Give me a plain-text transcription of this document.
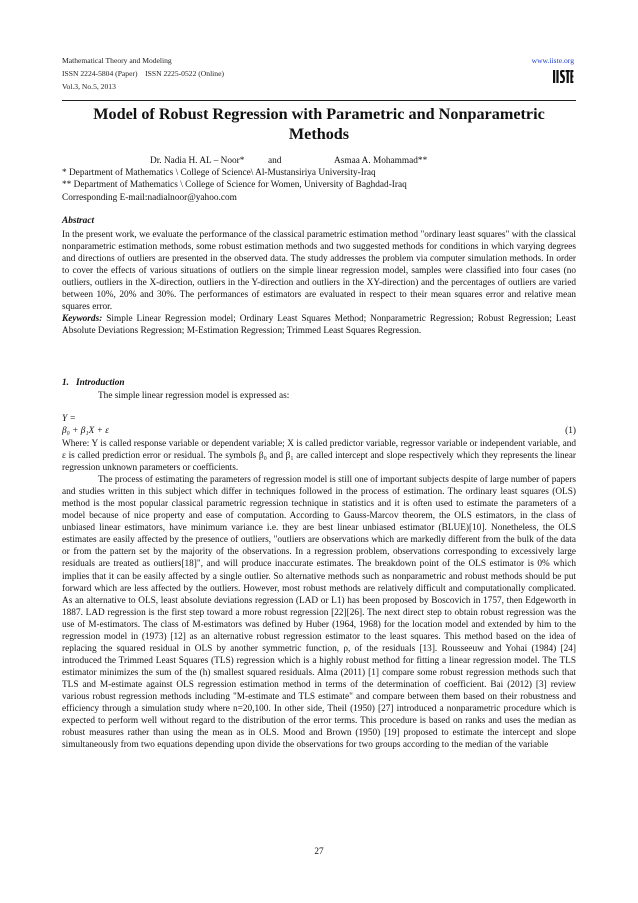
Mathematical Theory and Modeling
ISSN 2224-5804 (Paper)    ISSN 2225-0522 (Online)
Vol.3, No.5, 2013
www.iiste.org
Model of Robust Regression with Parametric and Nonparametric Methods
Dr. Nadia H. AL – Noor*	and	Asmaa A. Mohammad**
* Department of Mathematics \ College of Science\ Al-Mustansiriya University-Iraq
** Department of Mathematics \ College of Science for Women, University of Baghdad-Iraq
Corresponding E-mail:nadialnoor@yahoo.com
Abstract

In the present work, we evaluate the performance of the classical parametric estimation method "ordinary least squares" with the classical nonparametric estimation methods, some robust estimation methods and two suggested methods for conditions in which varying degrees and directions of outliers are presented in the observed data. The study addresses the problem via computer simulation methods. In order to cover the effects of various situations of outliers on the simple linear regression model, samples were classified into four cases (no outliers, outliers in the X-direction, outliers in the Y-direction and outliers in the XY-direction) and the percentages of outliers are varied between 10%, 20% and 30%. The performances of estimators are evaluated in respect to their mean squares error and relative mean squares error.

Keywords: Simple Linear Regression model; Ordinary Least Squares Method; Nonparametric Regression; Robust Regression; Least Absolute Deviations Regression; M-Estimation Regression; Trimmed Least Squares Regression.

1.   Introduction

The simple linear regression model is expressed as:

Y =
β₀ + β₁X + ε	(1)

Where: Y is called response variable or dependent variable; X is called predictor variable, regressor variable or independent variable, and ε is called prediction error or residual. The symbols β₀ and β₁ are called intercept and slope respectively which they represents the linear regression unknown parameters or coefficients.

The process of estimating the parameters of regression model is still one of important subjects despite of large number of papers and studies written in this subject which differ in techniques followed in the process of estimation. The ordinary least squares (OLS) method is the most popular classical parametric regression technique in statistics and it is often used to estimate the parameters of a model because of nice property and ease of computation. According to Gauss-Marcov theorem, the OLS estimators, in the class of unbiased linear estimators, have minimum variance i.e. they are best linear unbiased estimator (BLUE)[10]. Nonetheless, the OLS estimates are easily affected by the presence of outliers, "outliers are observations which are markedly different from the bulk of the data or from the pattern set by the majority of the observations. In a regression problem, observations corresponding to excessively large residuals are treated as outliers[18]", and will produce inaccurate estimates. The breakdown point of the OLS estimator is 0% which implies that it can be easily affected by a single outlier. So alternative methods such as nonparametric and robust methods should be put forward which are less affected by the outliers. However, most robust methods are relatively difficult and computationally complicated. As an alternative to OLS, least absolute deviations regression (LAD or L1) has been proposed by Boscovich in 1757, then Edgeworth in 1887. LAD regression is the first step toward a more robust regression [22][26]. The next direct step to obtain robust regression was the use of M-estimators. The class of M-estimators was defined by Huber (1964, 1968) for the location model and extended by him to the regression model in (1973) [12] as an alternative robust regression estimator to the least squares. This method based on the idea of replacing the squared residual in OLS by another symmetric function, ρ, of the residuals [13]. Rousseeuw and Yohai (1984) [24] introduced the Trimmed Least Squares (TLS) regression which is a highly robust method for fitting a linear regression model. The TLS estimator minimizes the sum of the (h) smallest squared residuals. Alma (2011) [1] compare some robust regression methods such that TLS and M-estimate against OLS regression estimation method in terms of the determination of coefficient. Bai (2012) [3] review various robust regression methods including "M-estimate and TLS estimate" and compare between them based on their robustness and efficiency through a simulation study where n=20,100. In other side, Theil (1950) [27] introduced a nonparametric procedure which is expected to perform well without regard to the distribution of the error terms. This procedure is based on ranks and uses the median as robust measures rather than using the mean as in OLS. Mood and Brown (1950) [19] proposed to estimate the intercept and slope simultaneously from two equations depending upon divide the observations for two groups according to the median of the variable

27
